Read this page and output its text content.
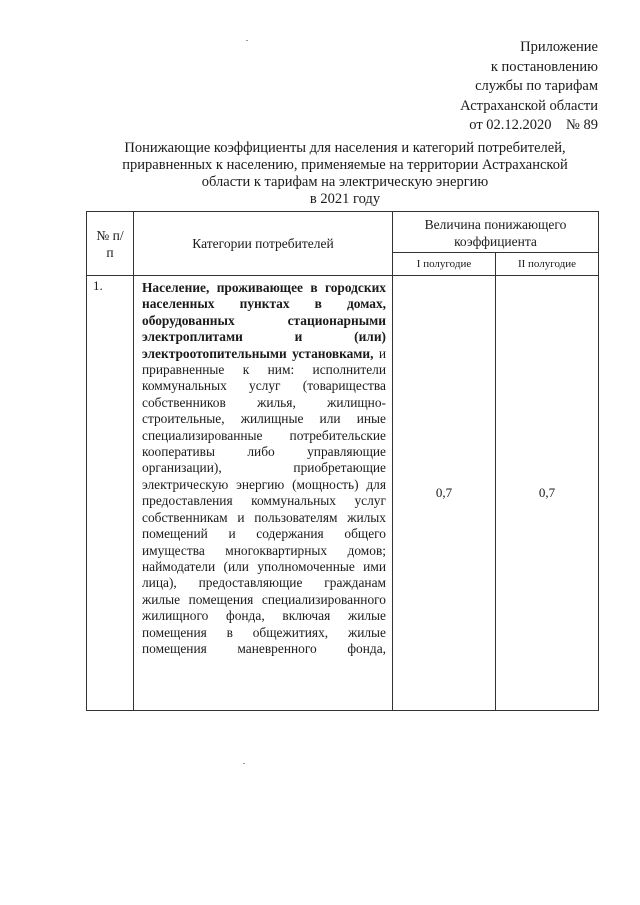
Приложение
к постановлению
службы по тарифам
Астраханской области
от 02.12.2020    № 89
Понижающие коэффициенты для населения и категорий потребителей,
приравненных к населению, применяемые на территории Астраханской
области к тарифам на электрическую энергию
в 2021 году
№ п/п	Категории потребителей	Величина понижающего коэффициента	
		I полугодие	II полугодие
1.	Население, проживающее в городских населенных пунктах в домах, оборудованных стационарными электроплитами и (или) электроотопительными установками, и приравненные к ним: исполнители коммунальных услуг (товарищества собственников жилья, жилищно-строительные, жилищные или иные специализированные потребительские кооперативы либо управляющие организации), приобретающие электрическую энергию (мощность) для предоставления коммунальных услуг собственникам и пользователям жилых помещений и содержания общего имущества многоквартирных домов; наймодатели (или уполномоченные ими лица), предоставляющие гражданам жилые помещения специализированного жилищного фонда, включая жилые помещения в общежитиях, жилые помещения маневренного фонда,	0,7	0,7
